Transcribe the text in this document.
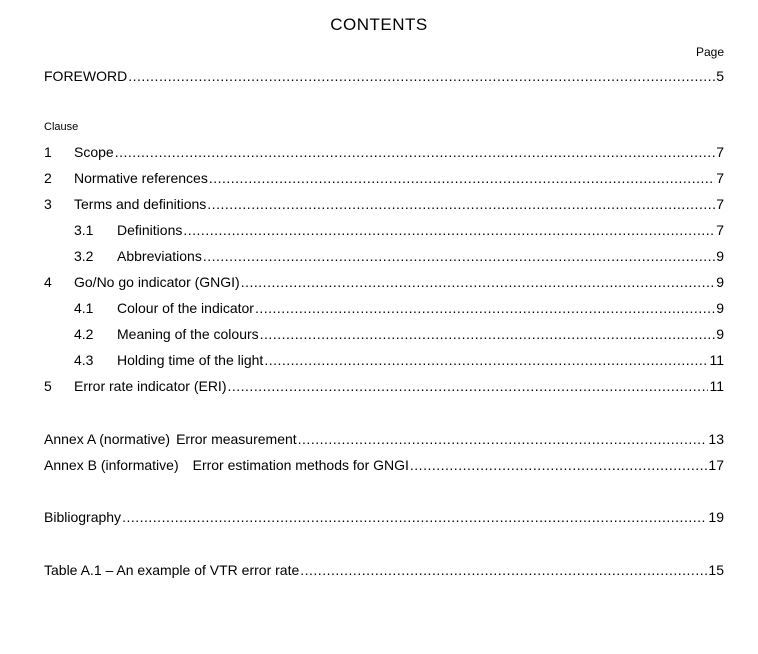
CONTENTS
Page
FOREWORD .....	5
Clause
1	Scope .....	7
2	Normative references .....	7
3	Terms and definitions .....	7
3.1	Definitions .....	7
3.2	Abbreviations .....	9
4	Go/No go indicator (GNGI) .....	9
4.1	Colour of the indicator .....	9
4.2	Meaning of the colours .....	9
4.3	Holding time of the light .....	11
5	Error rate indicator (ERI) .....	11
Annex A (normative) Error measurement .....	13
Annex B (informative) Error estimation methods for GNGI .....	17
Bibliography .....	19
Table A.1 – An example of VTR error rate .....	15
